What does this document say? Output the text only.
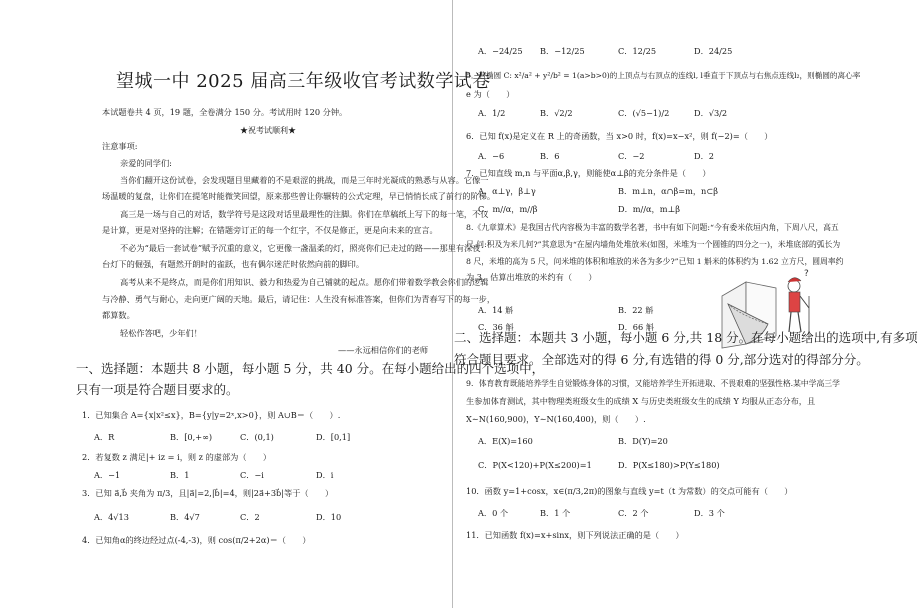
望城一中 2025 届高三年级收官考试数学试卷
本试题卷共 4 页，19 题，全卷满分 150 分。考试用时 120 分钟。
★祝考试顺利★
注意事项:
亲爱的同学们:
当你们翻开这份试卷，会发现题目里藏着的不是艰涩的挑战，而是三年时光凝成的熟悉与从容。它像一
场温暖的复盘，让你们在提笔时能微笑回望，原来那些曾让你辗转的公式定理，早已悄悄长成了前行的阶梯。
高三是一场与自己的对话，数学符号是这段对话里最理性的注脚。你们在草稿纸上写下的每一笔，不仅
是计算，更是对坚持的注解；在错题旁订正的每一个红字，不仅是修正，更是向未来的宣言。
不必为“最后一套试卷”赋予沉重的意义，它更像一盏温柔的灯，照亮你们已走过的路——那里有深夜
台灯下的倔强，有题然开朗时的雀跃，也有偶尔迷茫时依然向前的脚印。
高考从来不是终点，而是你们用知识、毅力和热爱为自己铺就的起点。愿你们带着数学教会你们的逻辑
与冷静、勇气与耐心，走向更广阔的天地。最后，请记住：人生没有标准答案，但你们为青春写下的每一步，
都算数。
轻松作答吧，少年们！
——永远相信你们的老师
一、选择题：本题共 8 小题，每小题 5 分，共 40 分。在每小题给出的四个选项中，
只有一项是符合题目要求的。
1．已知集合 A={x|x²≤x}，B={y|y=2ˣ,x>0}，则 A∪B＝（　　）.
A．R	B．[0,+∞)	C．(0,1)	D．[0,1]
2．若复数 z 满足|+ iz = i，则 z 的虚部为（　　）
A．−1	B．1	C．−i	D．i
3．已知 a⃗,b⃗ 夹角为 π/3，且|a⃗|=2,|b⃗|=4，则|2a⃗+3b⃗|等于（　　）
A．4√13	B．4√7	C．2	D．10
4．已知角α的终边经过点(-4,-3)，则 cos(π/2+2α)＝（　　）
A．−24/25 B．−12/25	C．12/25	D．24/25
5．若椭圆 C: x²/a² + y²/b² = 1(a>b>0)的上顶点与右顶点的连线l, l垂直于下顶点与右焦点连线l₂，则椭圆的离心率
e 为（　　）
A．1/2	B．√2/2	C．(√5−1)/2	D．√3/2
6．已知 f(x)是定义在 R 上的奇函数，当 x>0 时，f(x)=x−x²，则 f(−2)=（　　）
A．−6	B．6	C．−2	D．2
7．已知直线 m,n 与平面α,β,γ，则能使α⊥β的充分条件是（　　）
A．α⊥γ，β⊥γ	B．m⊥n，α∩β=m，n⊂β
C．m//α，m//β	D．m//α，m⊥β
8.《九章算术》是我国古代内容极为丰富的数学名著，书中有如下问题:“今有委米依垣内角，下周八尺，高五
尺.问:积及为米几何?”其意思为“在屋内墙角处堆放米(如图，米堆为一个圆锥的四分之一)，米堆底部的弧长为
8 尺，米堆的高为 5 尺，问米堆的体积和堆放的米各为多少?”已知 1 斛米的体积约为 1.62 立方尺，圆周率约
为 3，估算出堆放的米约有（　　）
A．14 斛	B．22 斛
C．36 斛	D．66 斛
?
二、选择题：本题共 3 小题，每小题 6 分,共 18 分。在每小题给出的选项中,有多项
符合题目要求。全部选对的得 6 分,有选错的得 0 分,部分选对的得部分分。
9．体育教育既能培养学生自觉锻炼身体的习惯，又能培养学生开拓进取、不畏艰难的坚强性格.某中学高三学
生参加体育测试，其中物理类班级女生的成绩 X 与历史类班级女生的成绩 Y 均服从正态分布，且
X∼N(160,900)，Y∼N(160,400)，则（　　）.
A．E(X)=160	B．D(Y)=20
C．P(X<120)+P(X≤200)=1	D．P(X≤180)>P(Y≤180)
10．函数 y=1+cosx，x∈(π/3,2π)的图象与直线 y=t（t 为常数）的交点可能有（　　）
A．0 个	B．1 个	C．2 个	D．3 个
11．已知函数 f(x)=x+sinx，则下列说法正确的是（　　）
